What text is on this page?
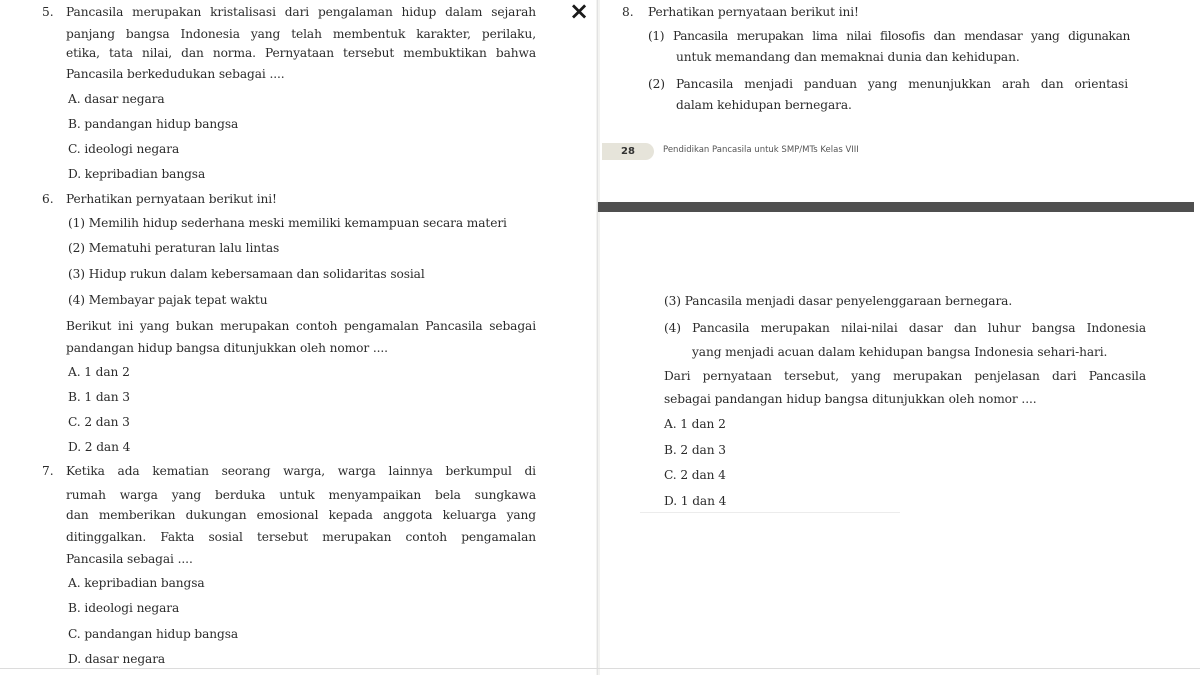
5. Pancasila merupakan kristalisasi dari pengalaman hidup dalam sejarah
panjang bangsa Indonesia yang telah membentuk karakter, perilaku,
etika, tata nilai, dan norma. Pernyataan tersebut membuktikan bahwa
Pancasila berkedudukan sebagai ....
A. dasar negara
B. pandangan hidup bangsa
C. ideologi negara
D. kepribadian bangsa
6. Perhatikan pernyataan berikut ini!
(1) Memilih hidup sederhana meski memiliki kemampuan secara materi
(2) Mematuhi peraturan lalu lintas
(3) Hidup rukun dalam kebersamaan dan solidaritas sosial
(4) Membayar pajak tepat waktu
Berikut ini yang bukan merupakan contoh pengamalan Pancasila sebagai
pandangan hidup bangsa ditunjukkan oleh nomor ....
A. 1 dan 2
B. 1 dan 3
C. 2 dan 3
D. 2 dan 4
7. Ketika ada kematian seorang warga, warga lainnya berkumpul di
rumah warga yang berduka untuk menyampaikan bela sungkawa
dan memberikan dukungan emosional kepada anggota keluarga yang
ditinggalkan. Fakta sosial tersebut merupakan contoh pengamalan
Pancasila sebagai ....
A. kepribadian bangsa
B. ideologi negara
C. pandangan hidup bangsa
D. dasar negara
×	8. Perhatikan pernyataan berikut ini!
(1) Pancasila merupakan lima nilai filosofis dan mendasar yang digunakan
untuk memandang dan memaknai dunia dan kehidupan.
(2) Pancasila menjadi panduan yang menunjukkan arah dan orientasi
dalam kehidupan bernegara.
28	Pendidikan Pancasila untuk SMP/MTs Kelas VIII
(3) Pancasila menjadi dasar penyelenggaraan bernegara.
(4) Pancasila merupakan nilai-nilai dasar dan luhur bangsa Indonesia
yang menjadi acuan dalam kehidupan bangsa Indonesia sehari-hari.
Dari pernyataan tersebut, yang merupakan penjelasan dari Pancasila
sebagai pandangan hidup bangsa ditunjukkan oleh nomor ....
A. 1 dan 2
B. 2 dan 3
C. 2 dan 4
D. 1 dan 4
